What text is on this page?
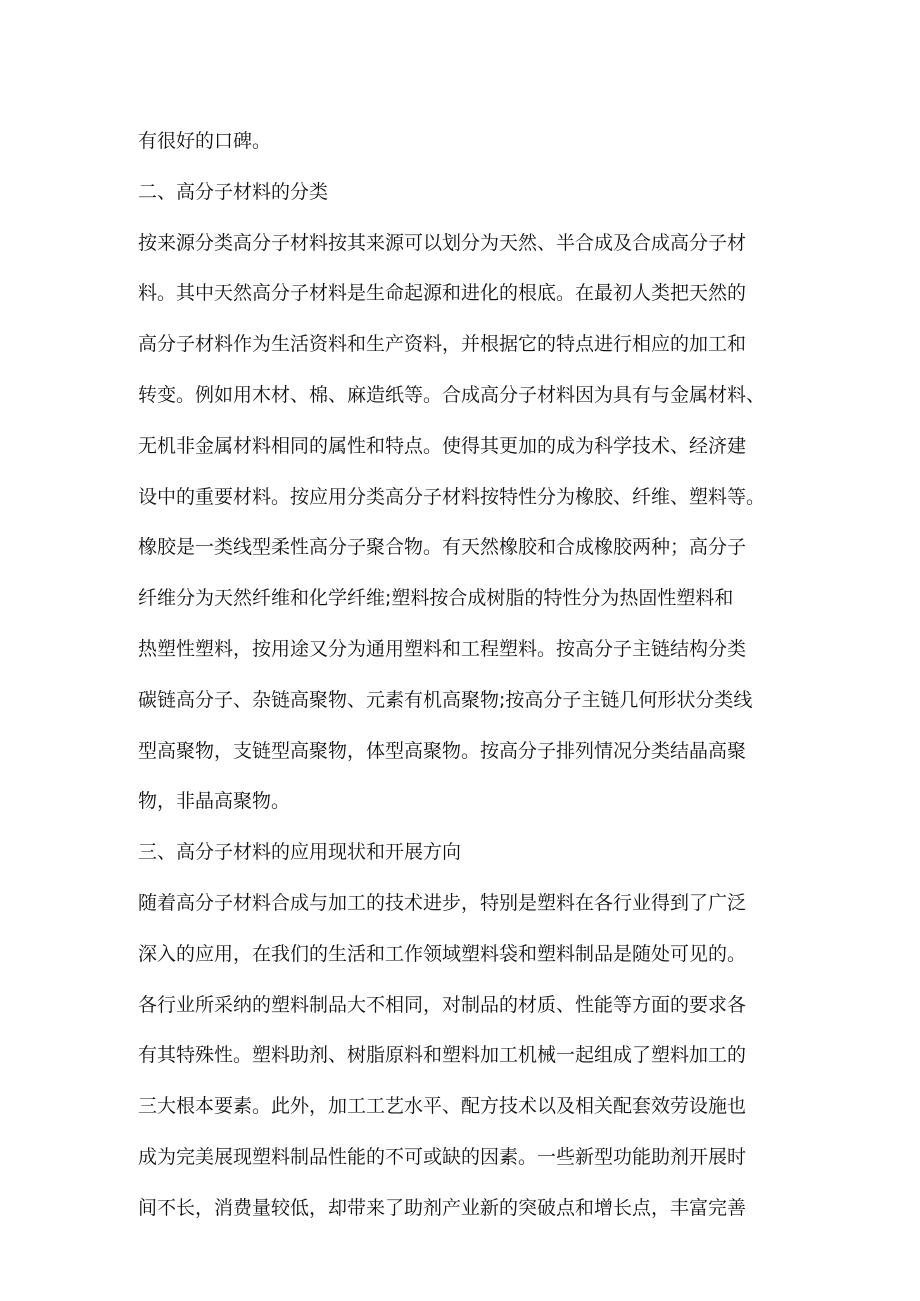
有很好的口碑。
二、高分子材料的分类
按来源分类高分子材料按其来源可以划分为天然、半合成及合成高分子材
料。其中天然高分子材料是生命起源和进化的根底。在最初人类把天然的
高分子材料作为生活资料和生产资料，并根据它的特点进行相应的加工和
转变。例如用木材、棉、麻造纸等。合成高分子材料因为具有与金属材料、
无机非金属材料相同的属性和特点。使得其更加的成为科学技术、经济建
设中的重要材料。按应用分类高分子材料按特性分为橡胶、纤维、塑料等。
橡胶是一类线型柔性高分子聚合物。有天然橡胶和合成橡胶两种；高分子
纤维分为天然纤维和化学纤维;塑料按合成树脂的特性分为热固性塑料和
热塑性塑料，按用途又分为通用塑料和工程塑料。按高分子主链结构分类
碳链高分子、杂链高聚物、元素有机高聚物;按高分子主链几何形状分类线
型高聚物，支链型高聚物，体型高聚物。按高分子排列情况分类结晶高聚
物，非晶高聚物。
三、高分子材料的应用现状和开展方向
随着高分子材料合成与加工的技术进步，特别是塑料在各行业得到了广泛
深入的应用，在我们的生活和工作领域塑料袋和塑料制品是随处可见的。
各行业所采纳的塑料制品大不相同，对制品的材质、性能等方面的要求各
有其特殊性。塑料助剂、树脂原料和塑料加工机械一起组成了塑料加工的
三大根本要素。此外，加工工艺水平、配方技术以及相关配套效劳设施也
成为完美展现塑料制品性能的不可或缺的因素。一些新型功能助剂开展时
间不长，消费量较低，却带来了助剂产业新的突破点和增长点，丰富完善
